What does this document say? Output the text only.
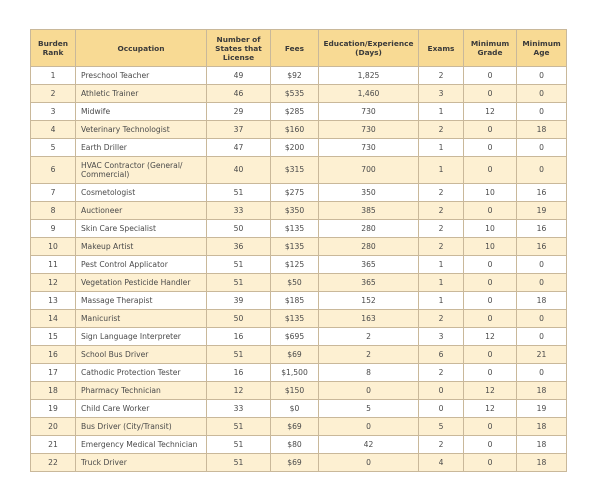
Burden Rank	Occupation	Number of States that License	Fees	Education/Experience (Days)	Exams	Minimum Grade	Minimum Age
1	Preschool Teacher	49	$92	1,825	2	0	0
2	Athletic Trainer	46	$535	1,460	3	0	0
3	Midwife	29	$285	730	1	12	0
4	Veterinary Technologist	37	$160	730	2	0	18
5	Earth Driller	47	$200	730	1	0	0
6	HVAC Contractor (General/ Commercial)	40	$315	700	1	0	0
7	Cosmetologist	51	$275	350	2	10	16
8	Auctioneer	33	$350	385	2	0	19
9	Skin Care Specialist	50	$135	280	2	10	16
10	Makeup Artist	36	$135	280	2	10	16
11	Pest Control Applicator	51	$125	365	1	0	0
12	Vegetation Pesticide Handler	51	$50	365	1	0	0
13	Massage Therapist	39	$185	152	1	0	18
14	Manicurist	50	$135	163	2	0	0
15	Sign Language Interpreter	16	$695	2	3	12	0
16	School Bus Driver	51	$69	2	6	0	21
17	Cathodic Protection Tester	16	$1,500	8	2	0	0
18	Pharmacy Technician	12	$150	0	0	12	18
19	Child Care Worker	33	$0	5	0	12	19
20	Bus Driver (City/Transit)	51	$69	0	5	0	18
21	Emergency Medical Technician	51	$80	42	2	0	18
22	Truck Driver	51	$69	0	4	0	18
